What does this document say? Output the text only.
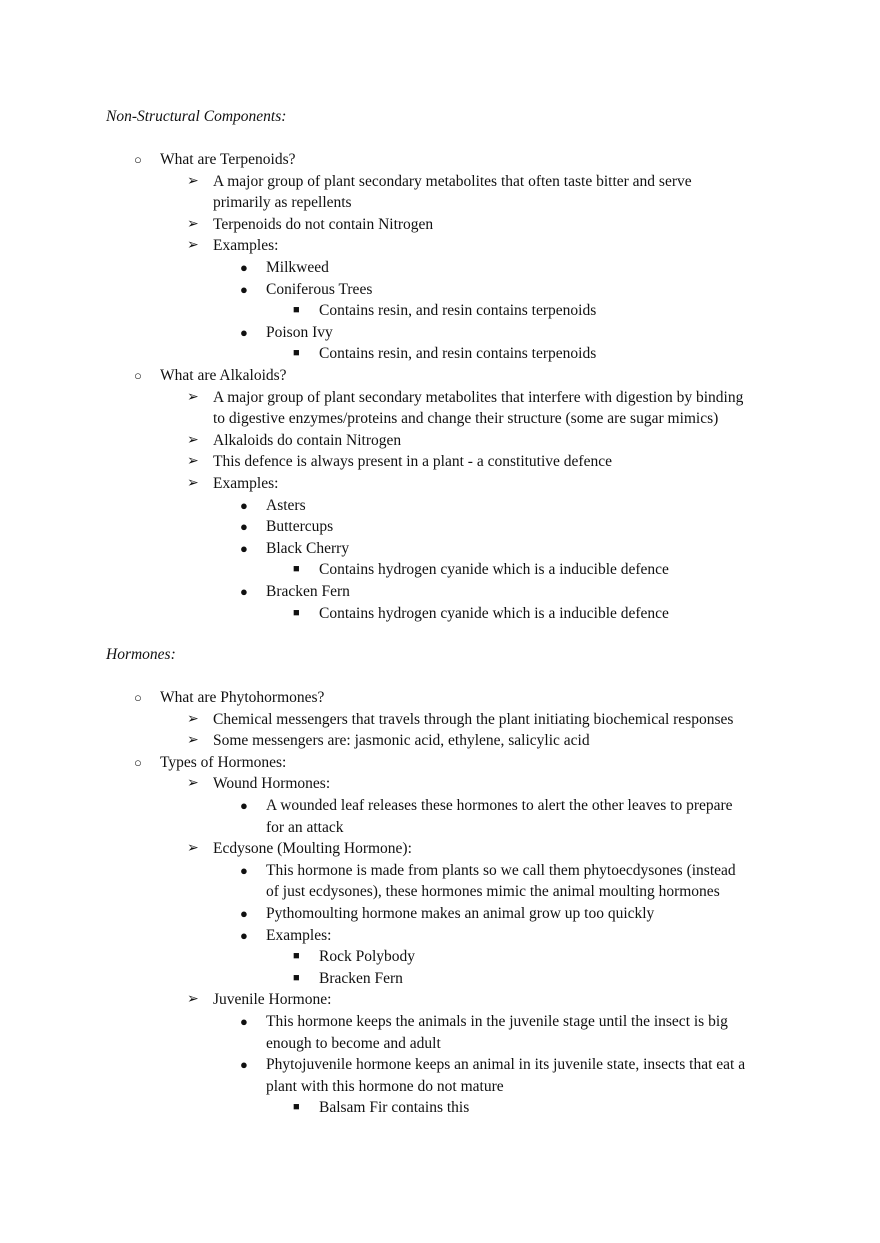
Non-Structural Components:
○ What are Terpenoids?
➢ A major group of plant secondary metabolites that often taste bitter and serve
primarily as repellents
➢ Terpenoids do not contain Nitrogen
➢ Examples:
● Milkweed
● Coniferous Trees
■ Contains resin, and resin contains terpenoids
● Poison Ivy
■ Contains resin, and resin contains terpenoids
○ What are Alkaloids?
➢ A major group of plant secondary metabolites that interfere with digestion by binding
to digestive enzymes/proteins and change their structure (some are sugar mimics)
➢ Alkaloids do contain Nitrogen
➢ This defence is always present in a plant - a constitutive defence
➢ Examples:
● Asters
● Buttercups
● Black Cherry
■ Contains hydrogen cyanide which is a inducible defence
● Bracken Fern
■ Contains hydrogen cyanide which is a inducible defence
Hormones:
○ What are Phytohormones?
➢ Chemical messengers that travels through the plant initiating biochemical responses
➢ Some messengers are: jasmonic acid, ethylene, salicylic acid
○ Types of Hormones:
➢ Wound Hormones:
● A wounded leaf releases these hormones to alert the other leaves to prepare
for an attack
➢ Ecdysone (Moulting Hormone):
● This hormone is made from plants so we call them phytoecdysones (instead
of just ecdysones), these hormones mimic the animal moulting hormones
● Pythomoulting hormone makes an animal grow up too quickly
● Examples:
■ Rock Polybody
■ Bracken Fern
➢ Juvenile Hormone:
● This hormone keeps the animals in the juvenile stage until the insect is big
enough to become and adult
● Phytojuvenile hormone keeps an animal in its juvenile state, insects that eat a
plant with this hormone do not mature
■ Balsam Fir contains this
